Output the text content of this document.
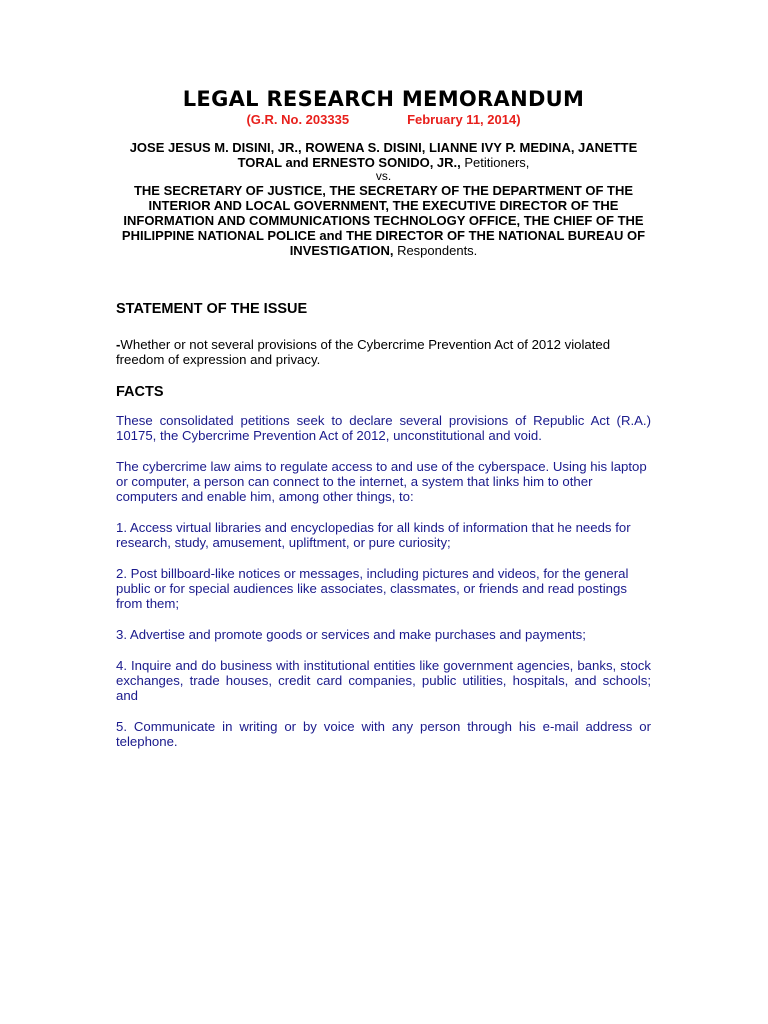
LEGAL RESEARCH MEMORANDUM
(G.R. No. 203335	February 11, 2014)
JOSE JESUS M. DISINI, JR., ROWENA S. DISINI, LIANNE IVY P. MEDINA, JANETTE TORAL and ERNESTO SONIDO, JR., Petitioners,
vs.
THE SECRETARY OF JUSTICE, THE SECRETARY OF THE DEPARTMENT OF THE INTERIOR AND LOCAL GOVERNMENT, THE EXECUTIVE DIRECTOR OF THE INFORMATION AND COMMUNICATIONS TECHNOLOGY OFFICE, THE CHIEF OF THE PHILIPPINE NATIONAL POLICE and THE DIRECTOR OF THE NATIONAL BUREAU OF INVESTIGATION, Respondents.
STATEMENT OF THE ISSUE

-Whether or not several provisions of the Cybercrime Prevention Act of 2012 violated freedom of expression and privacy.

FACTS

These consolidated petitions seek to declare several provisions of Republic Act (R.A.) 10175, the Cybercrime Prevention Act of 2012, unconstitutional and void.

The cybercrime law aims to regulate access to and use of the cyberspace. Using his laptop or computer, a person can connect to the internet, a system that links him to other computers and enable him, among other things, to:

1. Access virtual libraries and encyclopedias for all kinds of information that he needs for research, study, amusement, upliftment, or pure curiosity;

2. Post billboard-like notices or messages, including pictures and videos, for the general public or for special audiences like associates, classmates, or friends and read postings from them;

3. Advertise and promote goods or services and make purchases and payments;

4. Inquire and do business with institutional entities like government agencies, banks, stock exchanges, trade houses, credit card companies, public utilities, hospitals, and schools; and

5. Communicate in writing or by voice with any person through his e-mail address or telephone.
